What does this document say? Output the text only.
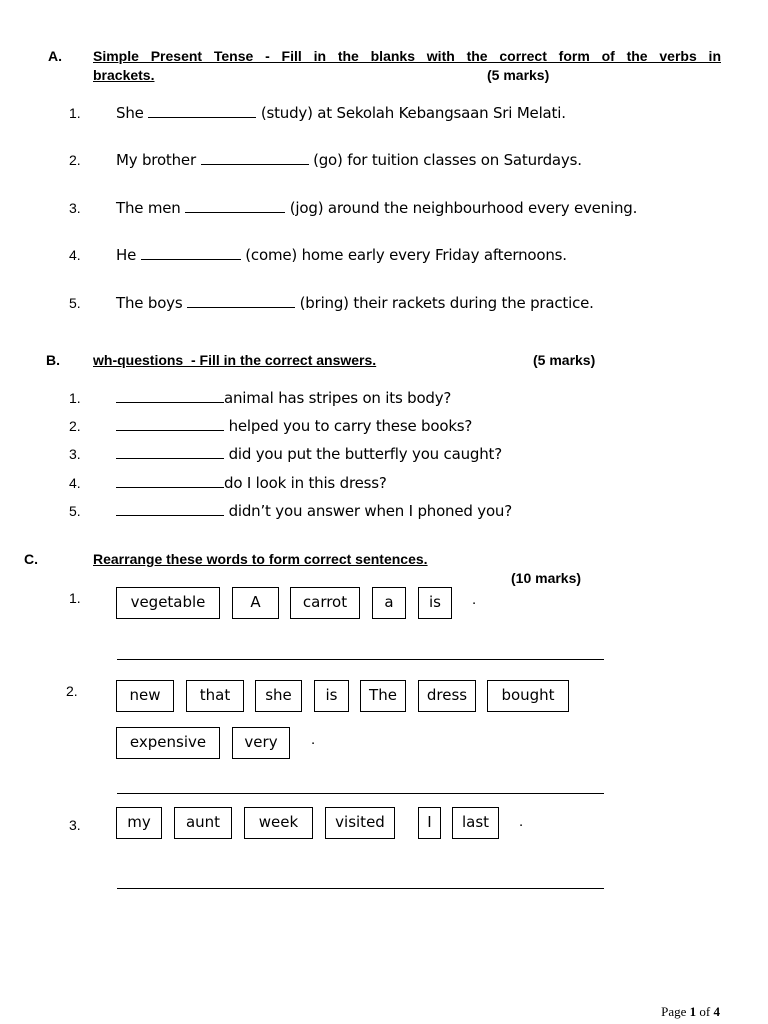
A. Simple Present Tense - Fill in the blanks with the correct form of the verbs in
brackets.	(5 marks)
1. She	(study) at Sekolah Kebangsaan Sri Melati.
2. My brother	(go) for tuition classes on Saturdays.
3. The men	(jog) around the neighbourhood every evening.
4. He	(come) home early every Friday afternoons.
5. The boys	(bring) their rackets during the practice.
B. wh-questions  - Fill in the correct answers.	(5 marks)
1.	animal has stripes on its body?
2.	helped you to carry these books?
3.	did you put the butterfly you caught?
4.	do I look in this dress?
5.	didn’t you answer when I phoned you?
C.	Rearrange these words to form correct sentences.
(10 marks)
1.	vegetable	A	carrot	a	is	.
2.	new	that	she	is	The	dress	bought
expensive	very	.
3.	my	aunt	week	visited	I	last	.
Page 1 of 4
